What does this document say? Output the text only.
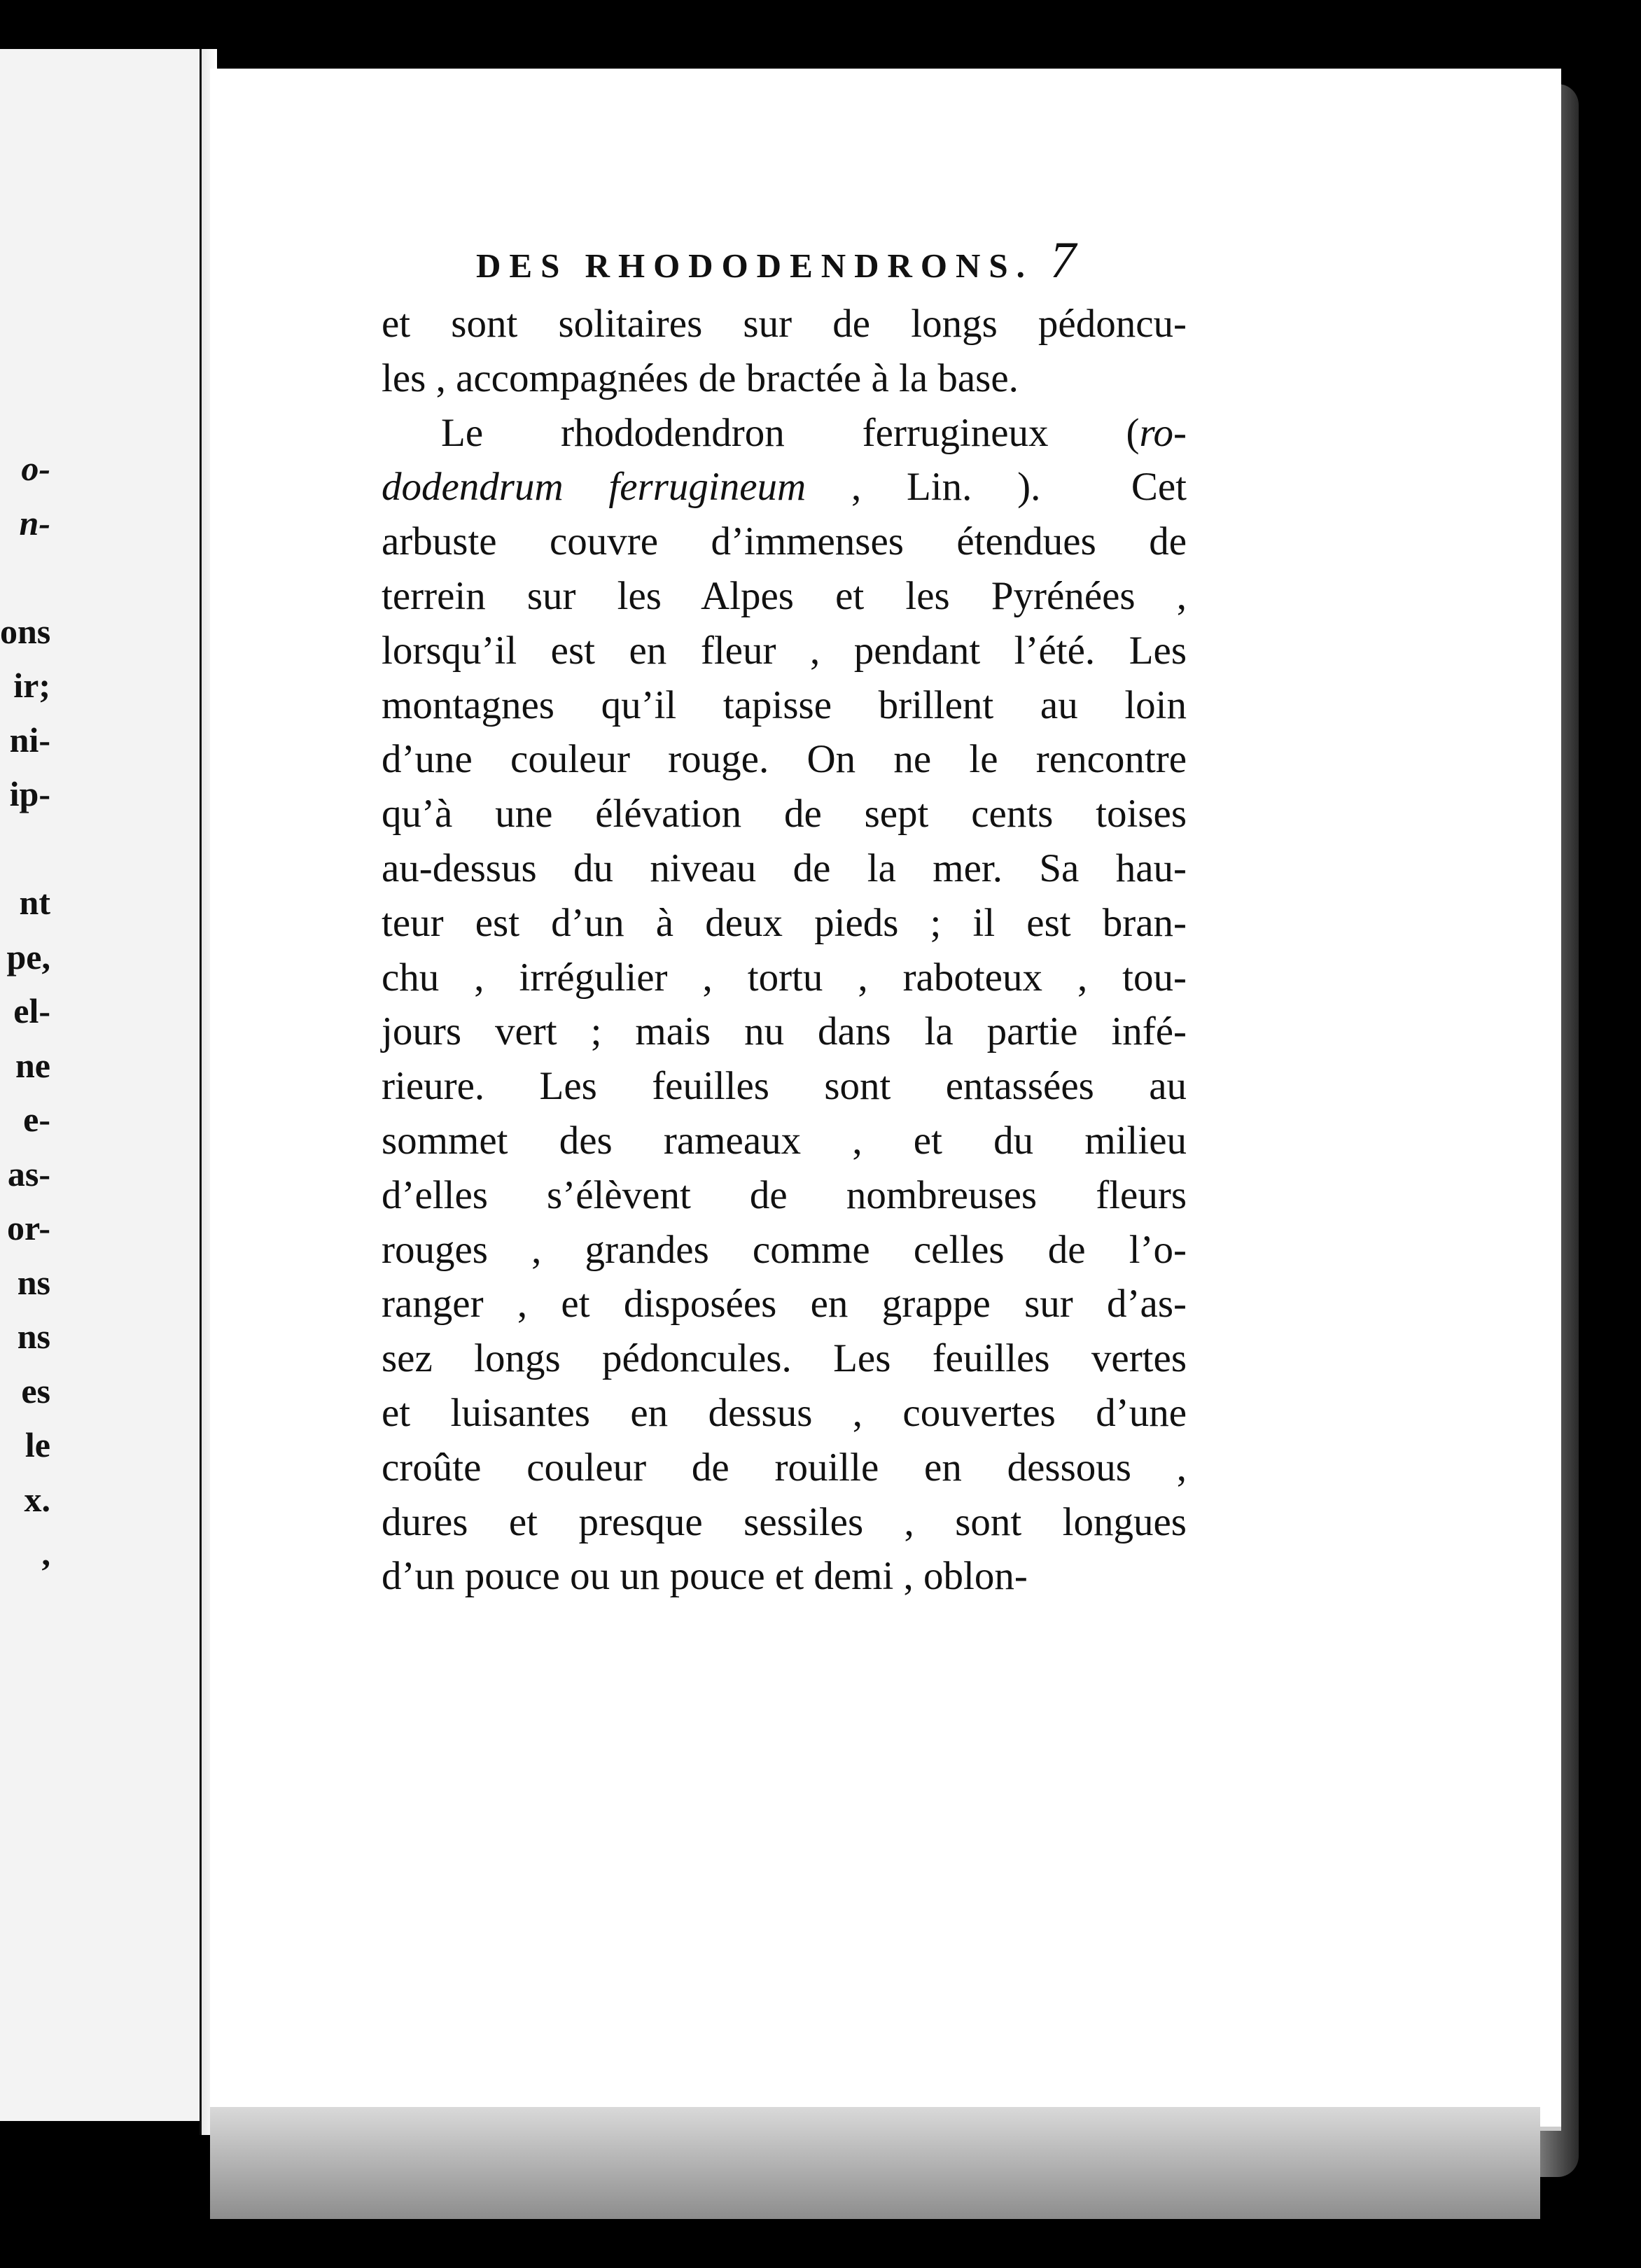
o-
n-
ons
ir;
ni-
ip-
nt
pe,
el-
ne
e-
as-
or-
ns
ns
es
le
x.
,
DES RHODODENDRONS. 7
et sont solitaires sur de longs pédoncu-
les , accompagnées de bractée à la base.
Le rhododendron ferrugineux (ro-
dodendrum ferrugineum , Lin. ).  Cet
arbuste couvre d’immenses étendues de
terrein sur les Alpes et les Pyrénées ,
lorsqu’il est en fleur , pendant l’été. Les
montagnes qu’il tapisse brillent au loin
d’une couleur rouge. On ne le rencontre
qu’à une élévation de sept cents toises
au-dessus du niveau de la mer. Sa hau-
teur est d’un à deux pieds ; il est bran-
chu , irrégulier , tortu , raboteux , tou-
jours vert ; mais nu dans la partie infé-
rieure. Les feuilles sont entassées au
sommet des rameaux , et du milieu
d’elles s’élèvent de nombreuses fleurs
rouges , grandes comme celles de l’o-
ranger , et disposées en grappe sur d’as-
sez longs pédoncules. Les feuilles vertes
et luisantes en dessus , couvertes d’une
croûte couleur de rouille en dessous ,
dures et presque sessiles , sont longues
d’un pouce ou un pouce et demi , oblon-
